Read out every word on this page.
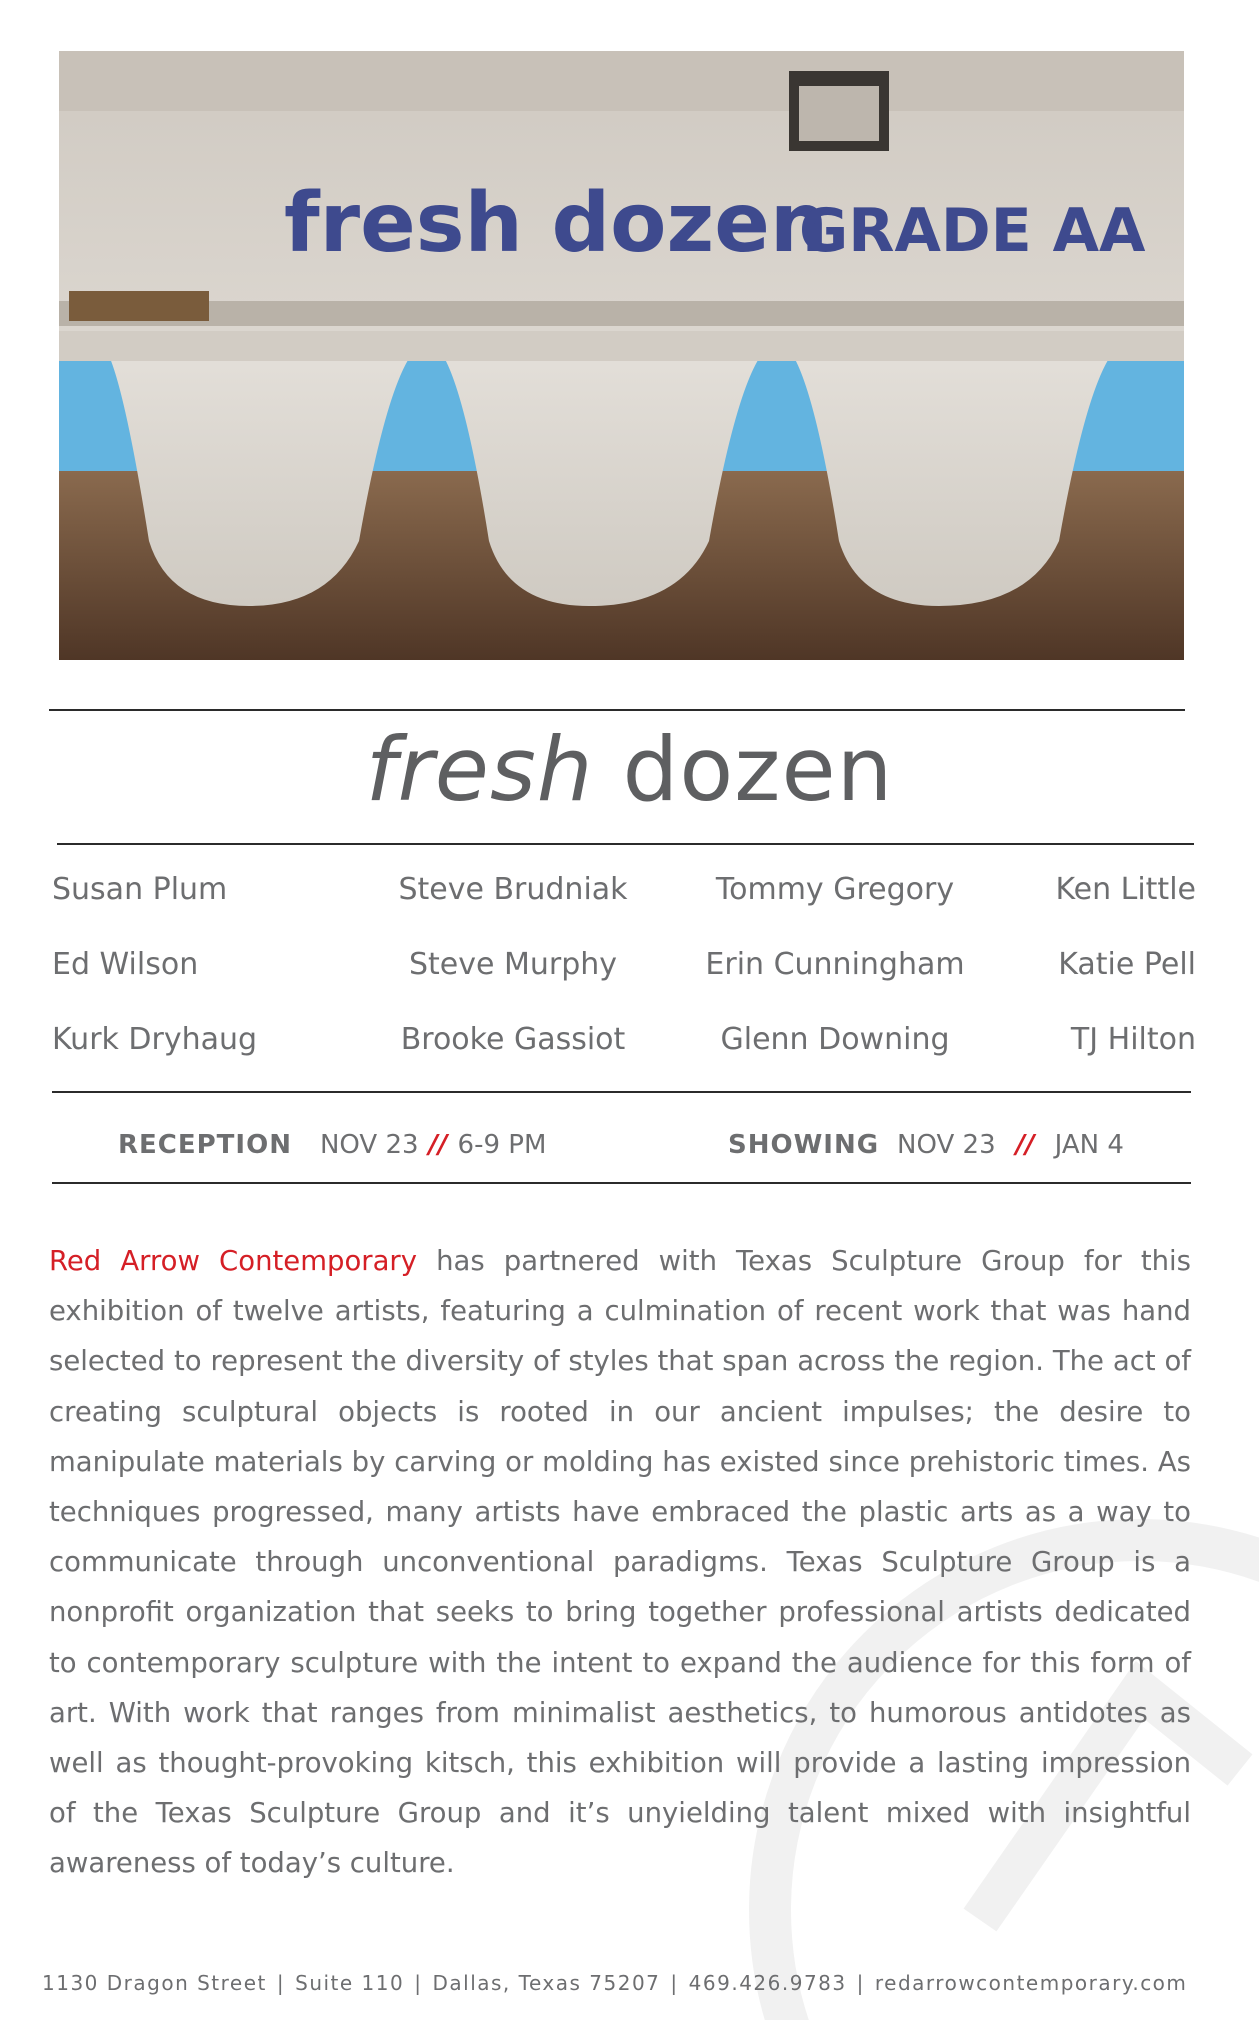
fresh dozen
GRADE AA
fresh dozen
Susan Plum	Steve Brudniak	Tommy Gregory	Ken Little
Ed Wilson	Steve Murphy	Erin Cunningham	Katie Pell
Kurk Dryhaug	Brooke Gassiot	Glenn Downing	TJ Hilton
RECEPTION NOV 23 // 6-9 PM	SHOWING NOV 23 // JAN 4

Red Arrow Contemporary has partnered with Texas Sculpture Group for this exhibition of twelve artists, featuring a culmination of recent work that was hand selected to represent the diversity of styles that span across the region. The act of creating sculptural objects is rooted in our ancient impulses; the desire to manipulate materials by carving or molding has existed since prehistoric times. As techniques progressed, many artists have embraced the plastic arts as a way to communicate through unconventional paradigms. Texas Sculpture Group is a nonprofit organization that seeks to bring together professional artists dedicated to contemporary sculpture with the intent to expand the audience for this form of art. With work that ranges from minimalist aesthetics, to humorous antidotes as well as thought-provoking kitsch, this exhibition will provide a lasting impression of the Texas Sculpture Group and it’s unyielding talent mixed with insightful awareness of today’s culture.

1130 Dragon Street | Suite 110 | Dallas, Texas 75207 | 469.426.9783 | redarrowcontemporary.com
